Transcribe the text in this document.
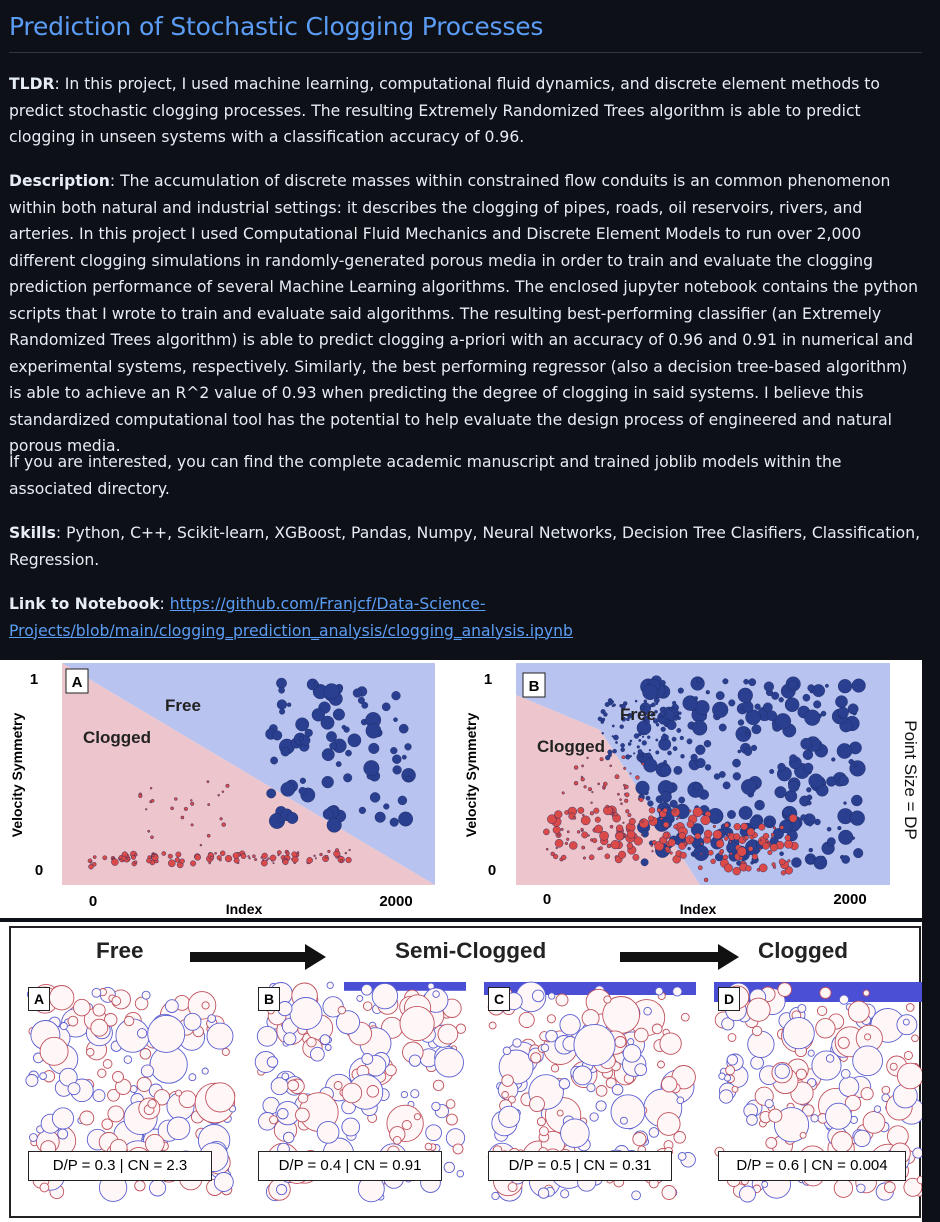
Prediction of Stochastic Clogging Processes

TLDR: In this project, I used machine learning, computational fluid dynamics, and discrete element methods to predict stochastic clogging processes. The resulting Extremely Randomized Trees algorithm is able to predict clogging in unseen systems with a classification accuracy of 0.96.

Description: The accumulation of discrete masses within constrained flow conduits is an common phenomenon within both natural and industrial settings: it describes the clogging of pipes, roads, oil reservoirs, rivers, and arteries. In this project I used Computational Fluid Mechanics and Discrete Element Models to run over 2,000 different clogging simulations in randomly-generated porous media in order to train and evaluate the clogging prediction performance of several Machine Learning algorithms. The enclosed jupyter notebook contains the python scripts that I wrote to train and evaluate said algorithms. The resulting best-performing classifier (an Extremely Randomized Trees algorithm) is able to predict clogging a-priori with an accuracy of 0.96 and 0.91 in numerical and experimental systems, respectively. Similarly, the best performing regressor (also a decision tree-based algorithm) is able to achieve an R^2 value of 0.93 when predicting the degree of clogging in said systems. I believe this standardized computational tool has the potential to help evaluate the design process of engineered and natural porous media.

If you are interested, you can find the complete academic manuscript and trained joblib models within the associated directory.

Skills: Python, C++, Scikit-learn, XGBoost, Pandas, Numpy, Neural Networks, Decision Tree Clasifiers, Classification, Regression.

Link to Notebook: https://github.com/Franjcf/Data-Science-
Projects/blob/main/clogging_prediction_analysis/clogging_analysis.ipynb

A
Free
Clogged
1
0
0	2000
Index
Velocity Symmetry
B
Free
Clogged
1
0
0	2000
Index
Velocity Symmetry	Point Size = DP
Free	Semi-Clogged	Clogged
A	B	C	D
D/P = 0.3 | CN = 2.3	D/P = 0.4 | CN = 0.91	D/P = 0.5 | CN = 0.31	D/P = 0.6 | CN = 0.004
